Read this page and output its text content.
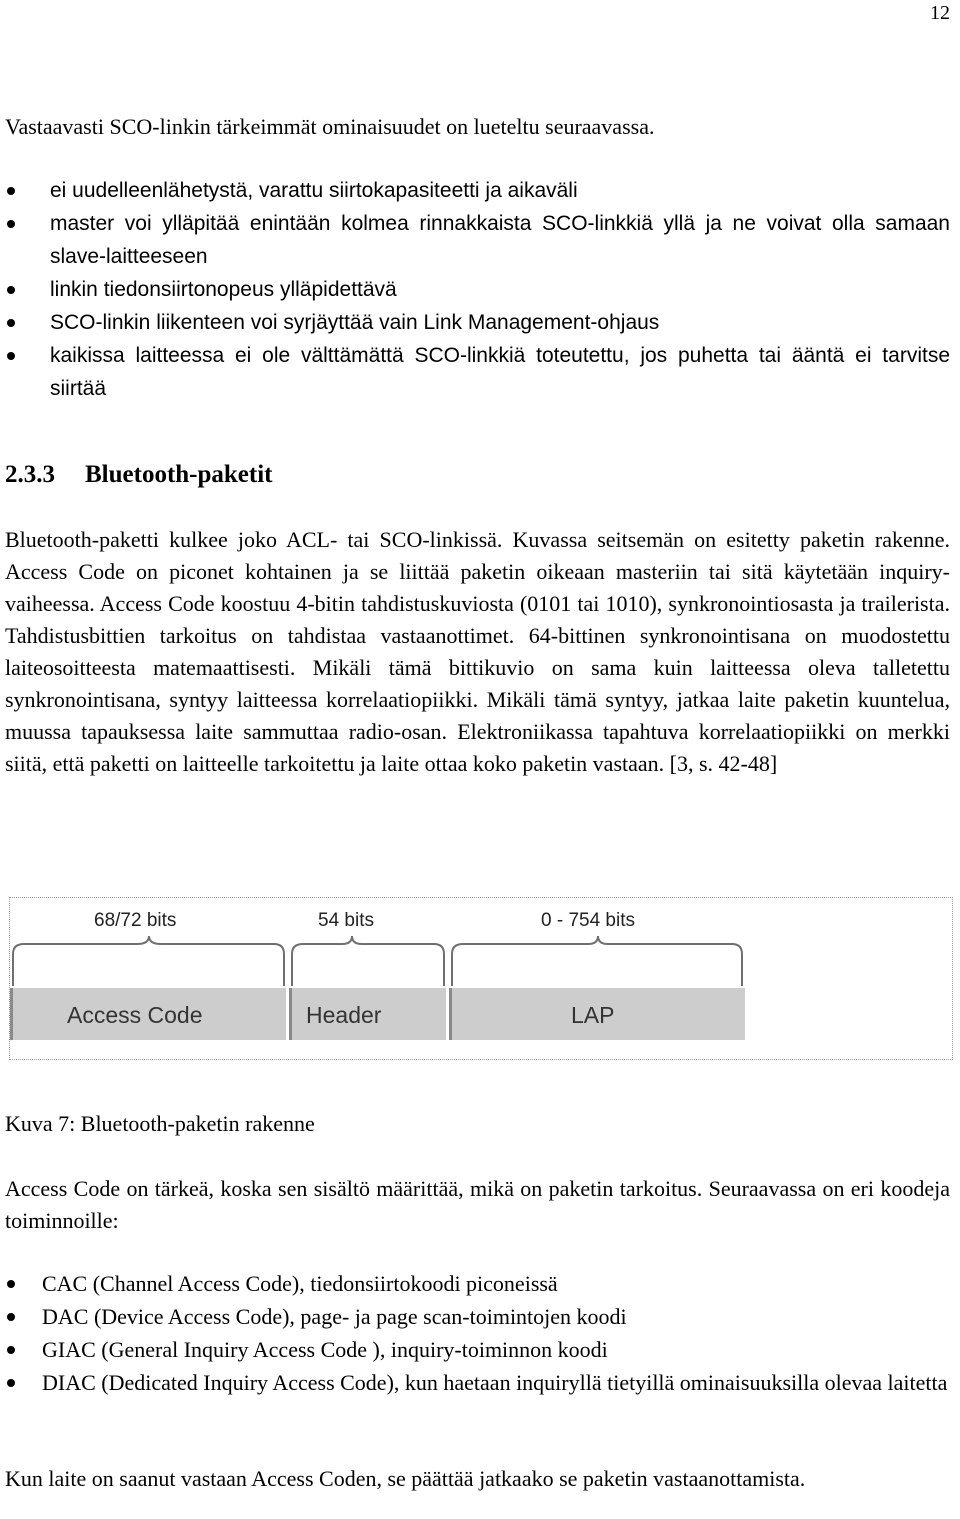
12

Vastaavasti SCO-linkin tärkeimmät ominaisuudet on lueteltu seuraavassa.

ei uudelleenlähetystä, varattu siirtokapasiteetti ja aikaväli
master voi ylläpitää enintään kolmea rinnakkaista SCO-linkkiä yllä ja ne voivat olla samaan slave-laitteeseen
linkin tiedonsiirtonopeus ylläpidettävä
SCO-linkin liikenteen voi syrjäyttää vain Link Management-ohjaus
kaikissa laitteessa ei ole välttämättä SCO-linkkiä toteutettu, jos puhetta tai ääntä ei tarvitse siirtää
2.3.3 Bluetooth-paketit

Bluetooth-paketti kulkee joko ACL- tai SCO-linkissä. Kuvassa seitsemän on esitetty paketin rakenne. Access Code on piconet kohtainen ja se liittää paketin oikeaan masteriin tai sitä käytetään inquiry-vaiheessa. Access Code koostuu 4-bitin tahdistuskuviosta (0101 tai 1010), synkronointiosasta ja trailerista. Tahdistusbittien tarkoitus on tahdistaa vastaanottimet. 64-bittinen synkronointisana on muodostettu laiteosoitteesta matemaattisesti. Mikäli tämä bittikuvio on sama kuin laitteessa oleva talletettu synkronointisana, syntyy laitteessa korrelaatiopiikki. Mikäli tämä syntyy, jatkaa laite paketin kuuntelua, muussa tapauksessa laite sammuttaa radio-osan. Elektroniikassa tapahtuva korrelaatiopiikki on merkki siitä, että paketti on laitteelle tarkoitettu ja laite ottaa koko paketin vastaan. [3, s. 42-48]

68/72 bits	54 bits	0 - 754 bits
Access Code	Header	LAP

Kuva 7: Bluetooth-paketin rakenne

Access Code on tärkeä, koska sen sisältö määrittää, mikä on paketin tarkoitus. Seuraavassa on eri koodeja toiminnoille:

CAC (Channel Access Code), tiedonsiirtokoodi piconeissä
DAC (Device Access Code), page- ja page scan-toimintojen koodi
GIAC (General Inquiry Access Code ), inquiry-toiminnon koodi
DIAC (Dedicated Inquiry Access Code), kun haetaan inquiryllä tietyillä ominaisuuksilla olevaa laitetta

Kun laite on saanut vastaan Access Coden, se päättää jatkaako se paketin vastaanottamista.
